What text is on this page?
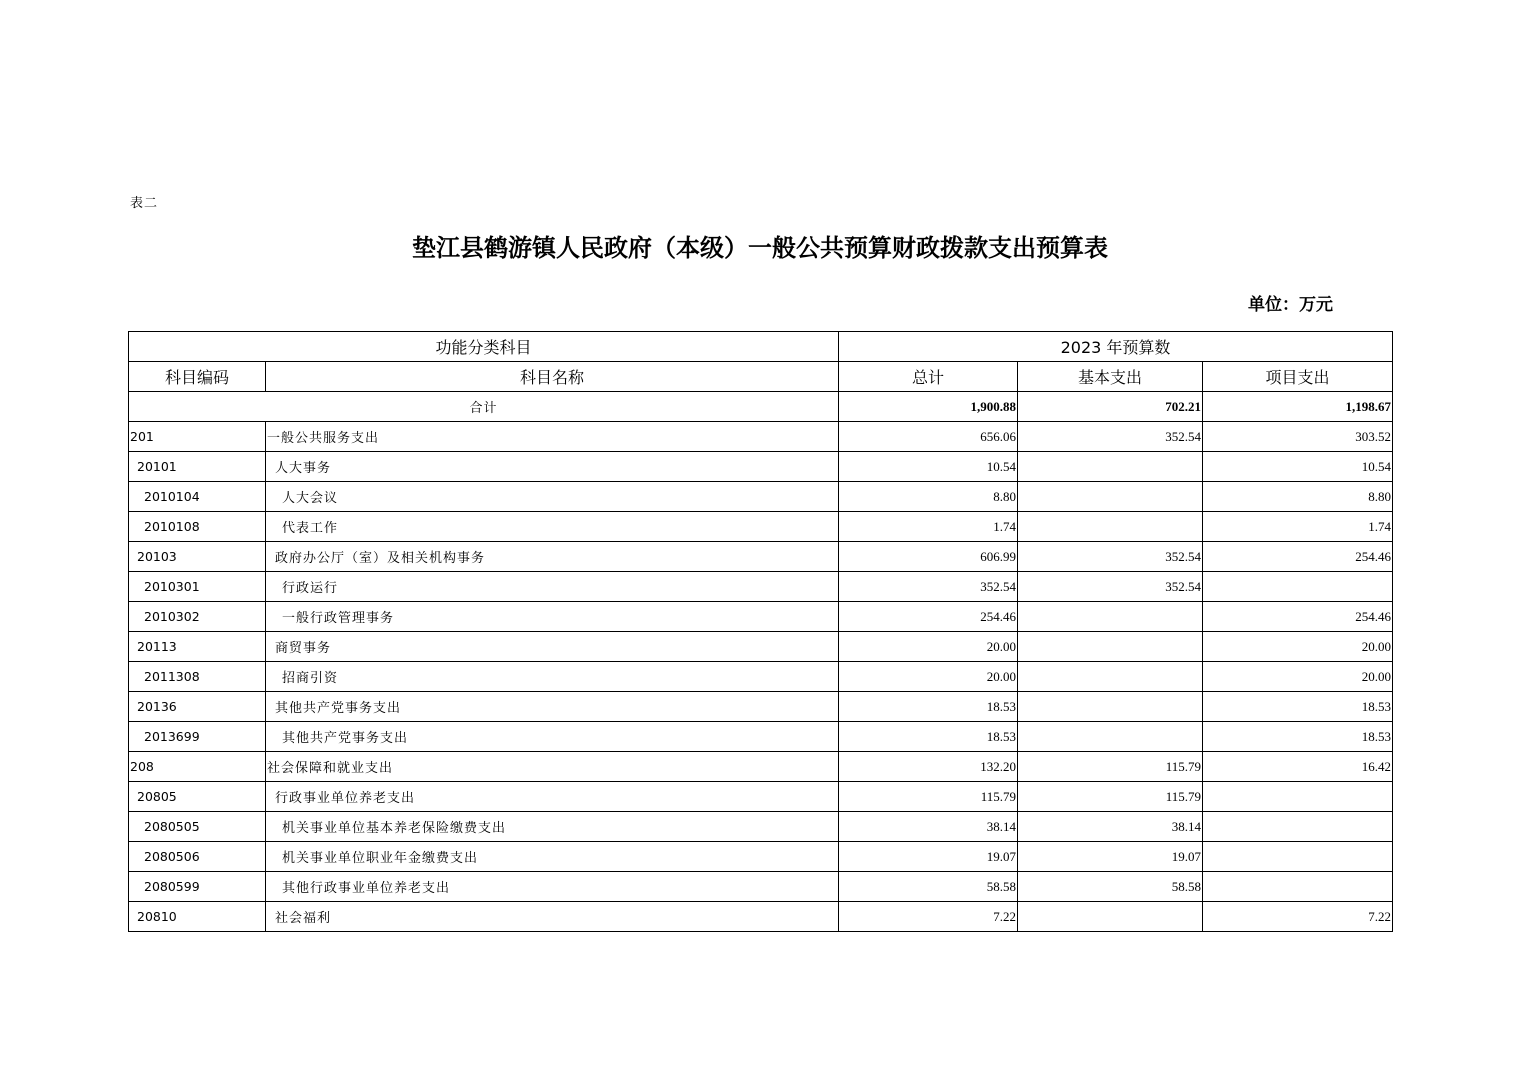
表二
垫江县鹤游镇人民政府（本级）一般公共预算财政拨款支出预算表
单位：万元
功能分类科目		2023 年预算数		
科目编码	科目名称	总计	基本支出	项目支出
合计		1,900.88	702.21	1,198.67
201	一般公共服务支出	656.06	352.54	303.52
20101	人大事务	10.54		10.54
2010104	人大会议	8.80		8.80
2010108	代表工作	1.74		1.74
20103	政府办公厅（室）及相关机构事务	606.99	352.54	254.46
2010301	行政运行	352.54	352.54	
2010302	一般行政管理事务	254.46		254.46
20113	商贸事务	20.00		20.00
2011308	招商引资	20.00		20.00
20136	其他共产党事务支出	18.53		18.53
2013699	其他共产党事务支出	18.53		18.53
208	社会保障和就业支出	132.20	115.79	16.42
20805	行政事业单位养老支出	115.79	115.79	
2080505	机关事业单位基本养老保险缴费支出	38.14	38.14	
2080506	机关事业单位职业年金缴费支出	19.07	19.07	
2080599	其他行政事业单位养老支出	58.58	58.58	
20810	社会福利	7.22		7.22
